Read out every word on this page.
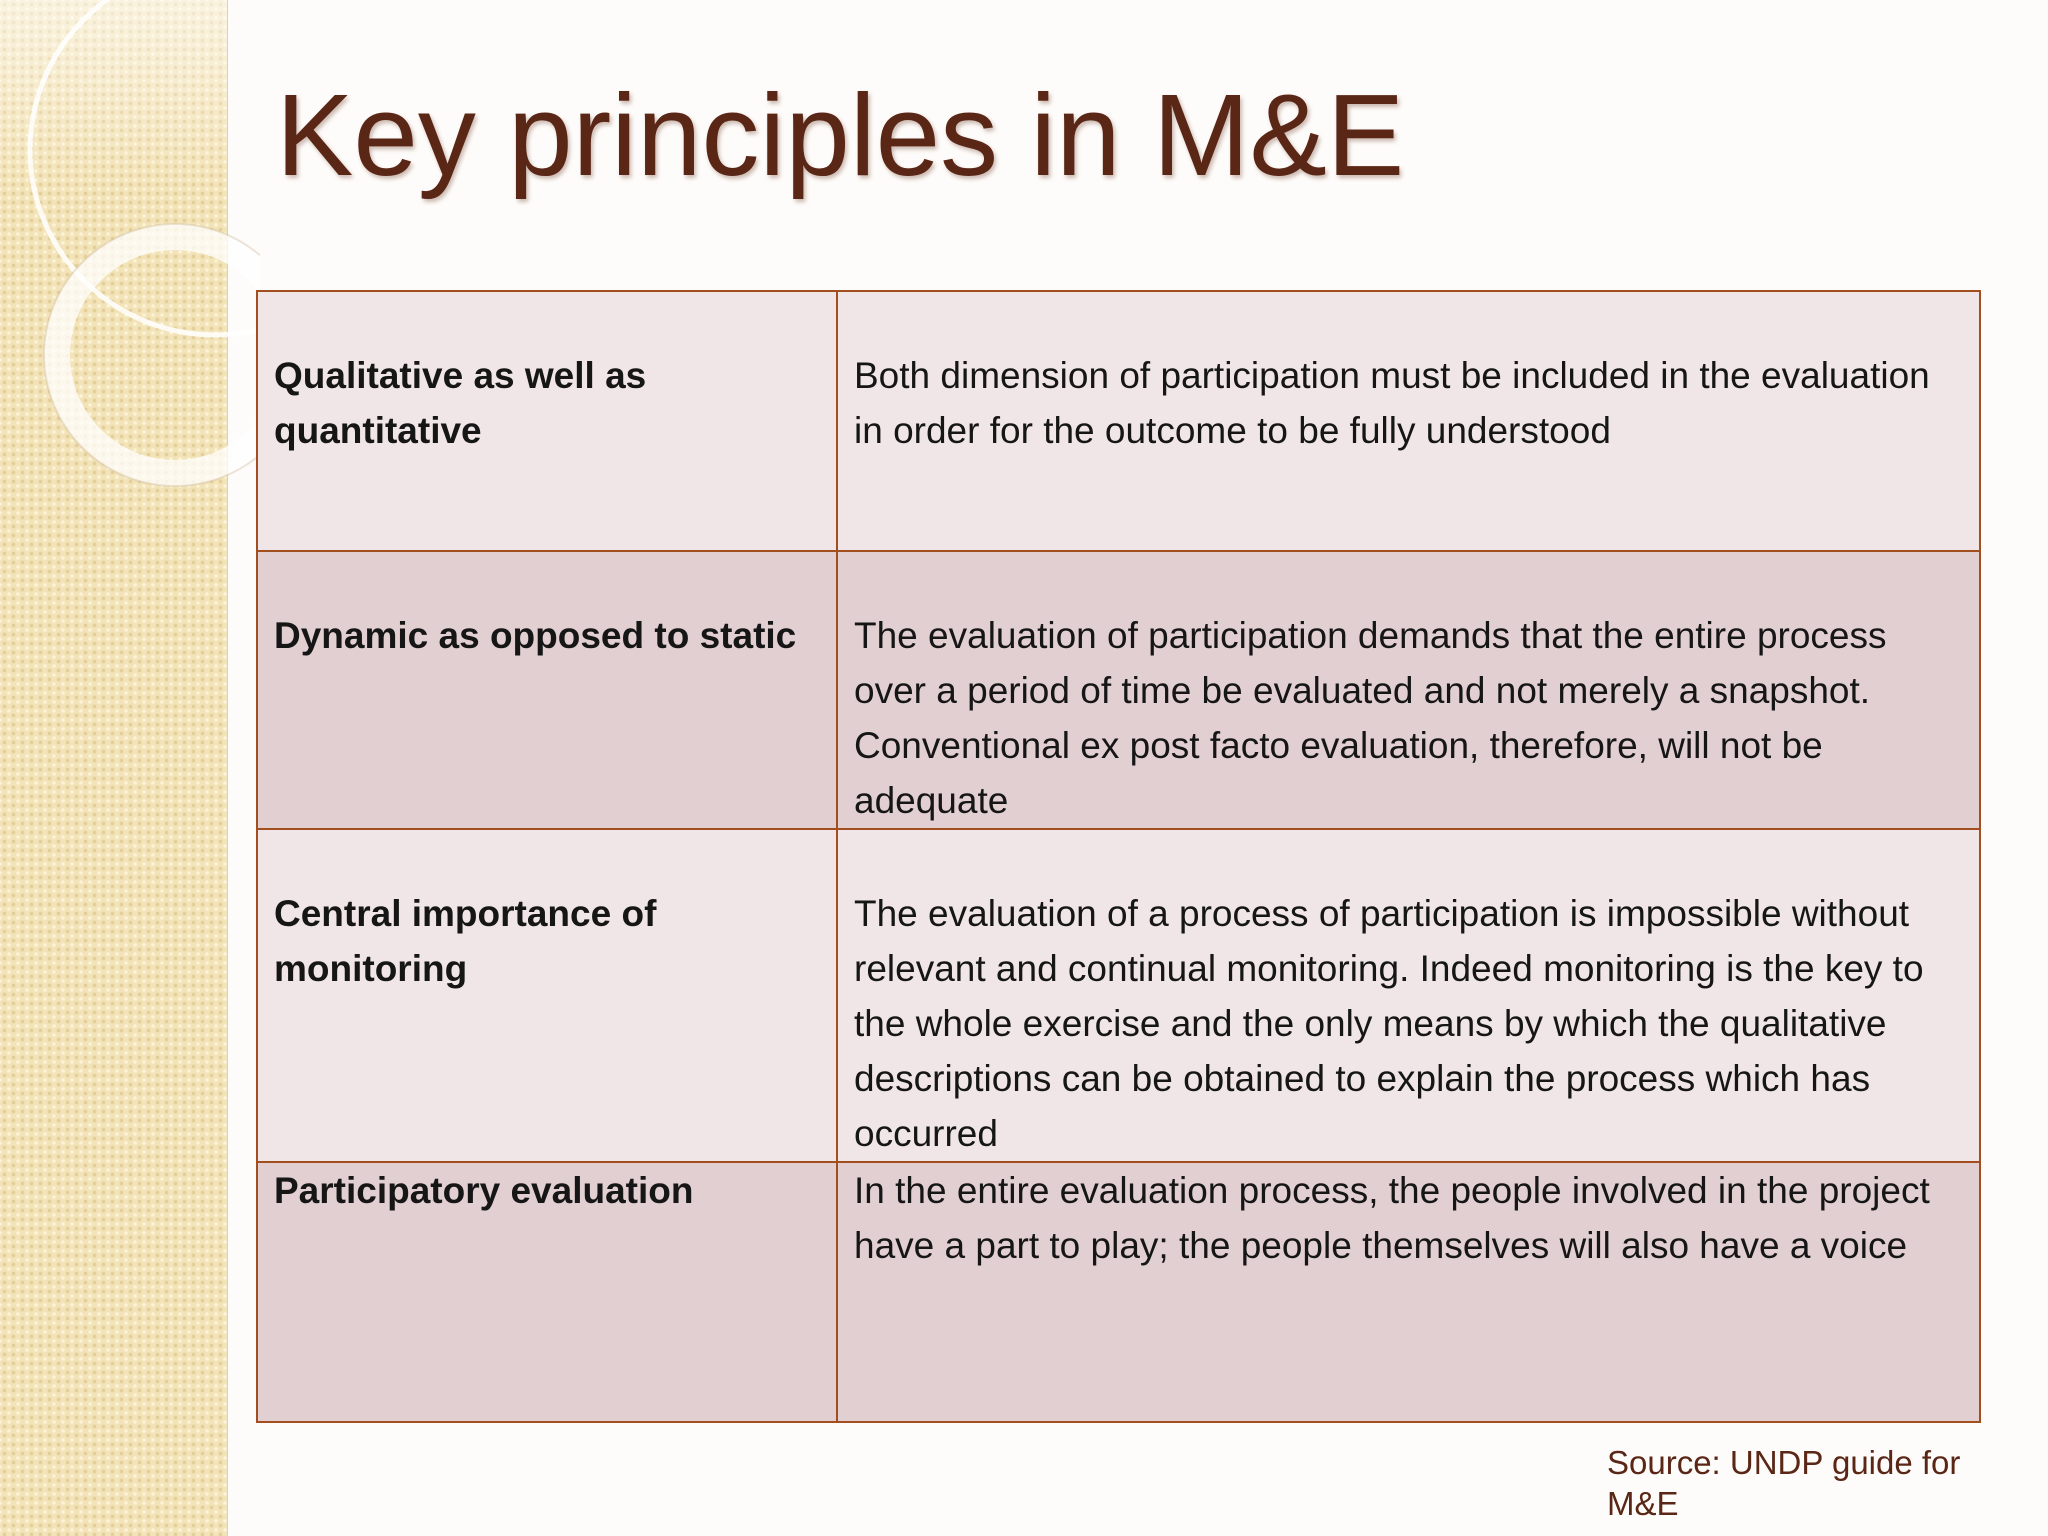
Key principles in M&E
Qualitative as well as quantitative	Both dimension of participation must be included in the evaluation in order for the outcome to be fully understood
Dynamic as opposed to static	The evaluation of participation demands that the entire process over a period of time be evaluated and not merely a snapshot. Conventional ex post facto evaluation, therefore, will not be adequate
Central importance of monitoring	The evaluation of a process of participation is impossible without relevant and continual monitoring. Indeed monitoring is the key to the whole exercise and the only means by which the qualitative descriptions can be obtained to explain the process which has occurred
Participatory evaluation	In the entire evaluation process, the people involved in the project have a part to play; the people themselves will also have a voice
Source: UNDP guide for M&E
